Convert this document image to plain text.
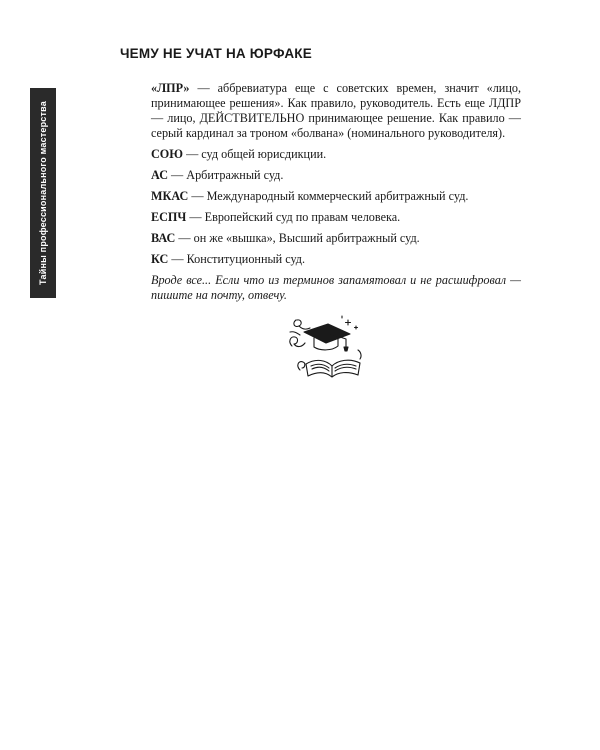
ЧЕМУ НЕ УЧАТ НА ЮРФАКЕ
Тайны профессионального мастерства

«ЛПР» — аббревиатура еще с советских времен, значит «лицо, принимающее решения». Как правило, руководитель. Есть еще ЛДПР — лицо, ДЕЙСТВИТЕЛЬНО принимающее решение. Как правило — серый кардинал за троном «болвана» (номинального руководителя).

СОЮ — суд общей юрисдикции.

АС — Арбитражный суд.

МКАС — Международный коммерческий арбитражный суд.

ЕСПЧ — Европейский суд по правам человека.

ВАС — он же «вышка», Высший арбитражный суд.

КС — Конституционный суд.

Вроде все... Если что из терминов запамятовал и не расшифровал — пишите на почту, отвечу.
